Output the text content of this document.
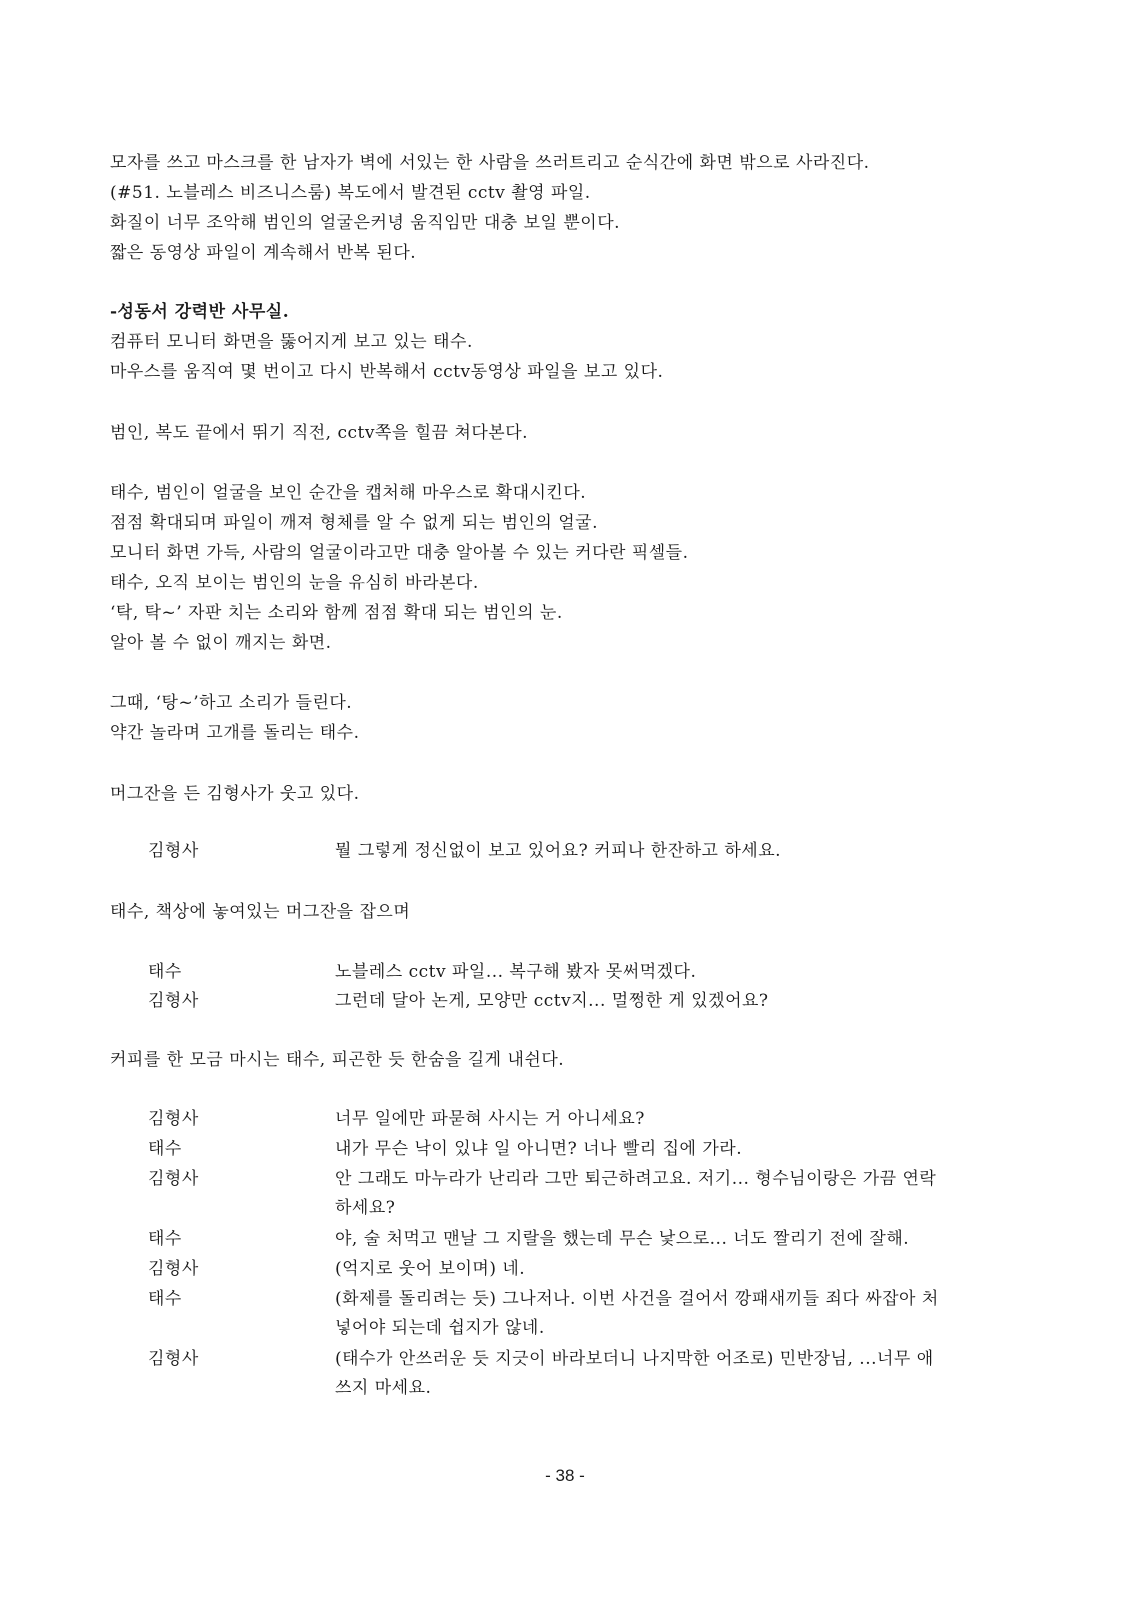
모자를 쓰고 마스크를 한 남자가 벽에 서있는 한 사람을 쓰러트리고 순식간에 화면 밖으로 사라진다.
(#51. 노블레스 비즈니스룸) 복도에서 발견된 cctv 촬영 파일.
화질이 너무 조악해 범인의 얼굴은커녕 움직임만 대충 보일 뿐이다.
짧은 동영상 파일이 계속해서 반복 된다.
-성동서 강력반 사무실.
컴퓨터 모니터 화면을 뚫어지게 보고 있는 태수.
마우스를 움직여 몇 번이고 다시 반복해서 cctv동영상 파일을 보고 있다.
범인, 복도 끝에서 뛰기 직전, cctv쪽을 힐끔 쳐다본다.
태수, 범인이 얼굴을 보인 순간을 캡처해 마우스로 확대시킨다.
점점 확대되며 파일이 깨져 형체를 알 수 없게 되는 범인의 얼굴.
모니터 화면 가득, 사람의 얼굴이라고만 대충 알아볼 수 있는 커다란 픽셀들.
태수, 오직 보이는 범인의 눈을 유심히 바라본다.
‘탁, 탁~’ 자판 치는 소리와 함께 점점 확대 되는 범인의 눈.
알아 볼 수 없이 깨지는 화면.
그때, ‘탕~’하고 소리가 들린다.
약간 놀라며 고개를 돌리는 태수.
머그잔을 든 김형사가 웃고 있다.
김형사	뭘 그렇게 정신없이 보고 있어요? 커피나 한잔하고 하세요.
태수, 책상에 놓여있는 머그잔을 잡으며
태수	노블레스 cctv 파일... 복구해 봤자 못써먹겠다.
김형사	그런데 달아 논게, 모양만 cctv지... 멀쩡한 게 있겠어요?
커피를 한 모금 마시는 태수, 피곤한 듯 한숨을 길게 내쉰다.
김형사	너무 일에만 파묻혀 사시는 거 아니세요?
태수	내가 무슨 낙이 있냐 일 아니면? 너나 빨리 집에 가라.
김형사	안 그래도 마누라가 난리라 그만 퇴근하려고요. 저기... 형수님이랑은 가끔 연락
하세요?
태수	야, 술 처먹고 맨날 그 지랄을 했는데 무슨 낯으로... 너도 짤리기 전에 잘해.
김형사	(억지로 웃어 보이며) 네.
태수	(화제를 돌리려는 듯) 그나저나. 이번 사건을 걸어서 깡패새끼들 죄다 싸잡아 처
넣어야 되는데 쉽지가 않네.
김형사	(태수가 안쓰러운 듯 지긋이 바라보더니 나지막한 어조로) 민반장님, ...너무 애
쓰지 마세요.
- 38 -
